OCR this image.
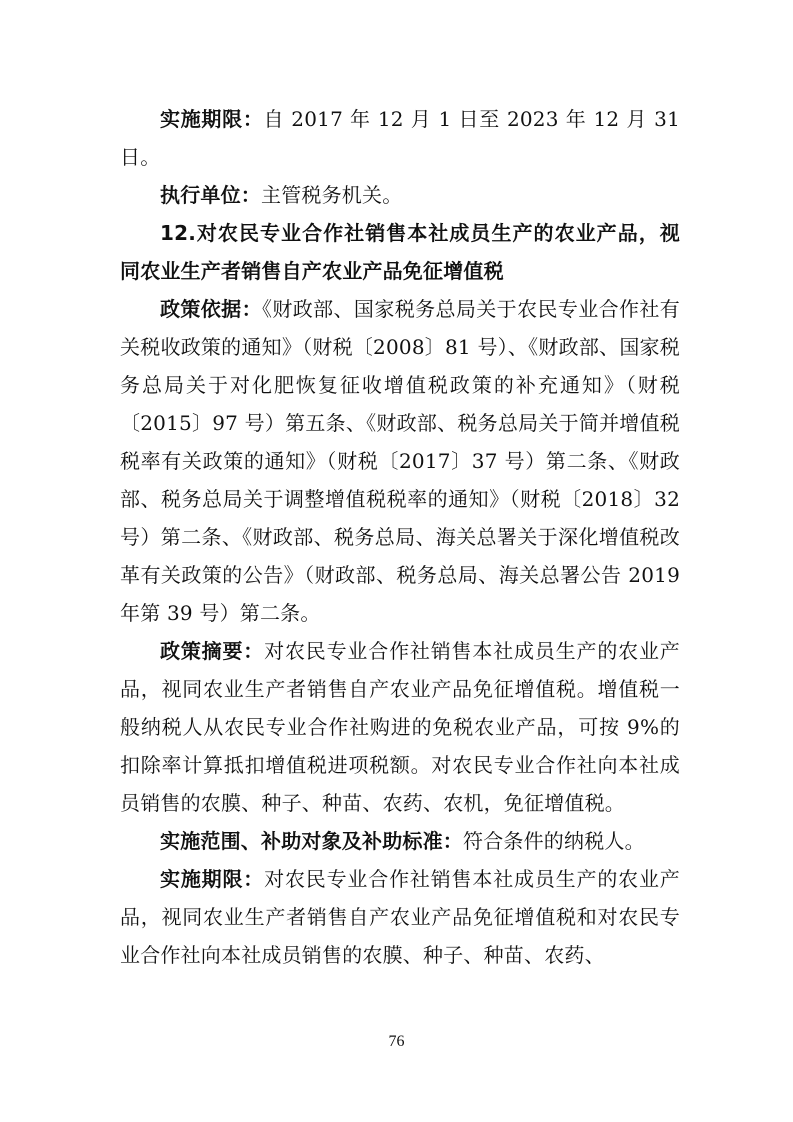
实施期限：自 2017 年 12 月 1 日至 2023 年 12 月 31 日。

执行单位：主管税务机关。

12.对农民专业合作社销售本社成员生产的农业产品，视同农业生产者销售自产农业产品免征增值税

政策依据：《财政部、国家税务总局关于农民专业合作社有关税收政策的通知》（财税〔2008〕81 号）、《财政部、国家税务总局关于对化肥恢复征收增值税政策的补充通知》（财税〔2015〕97 号）第五条、《财政部、税务总局关于简并增值税税率有关政策的通知》（财税〔2017〕37 号）第二条、《财政部、税务总局关于调整增值税税率的通知》（财税〔2018〕32 号）第二条、《财政部、税务总局、海关总署关于深化增值税改革有关政策的公告》（财政部、税务总局、海关总署公告 2019 年第 39 号）第二条。

政策摘要：对农民专业合作社销售本社成员生产的农业产品，视同农业生产者销售自产农业产品免征增值税。增值税一般纳税人从农民专业合作社购进的免税农业产品，可按 9%的扣除率计算抵扣增值税进项税额。对农民专业合作社向本社成员销售的农膜、种子、种苗、农药、农机，免征增值税。

实施范围、补助对象及补助标准：符合条件的纳税人。

实施期限：对农民专业合作社销售本社成员生产的农业产品，视同农业生产者销售自产农业产品免征增值税和对农民专业合作社向本社成员销售的农膜、种子、种苗、农药、

76
